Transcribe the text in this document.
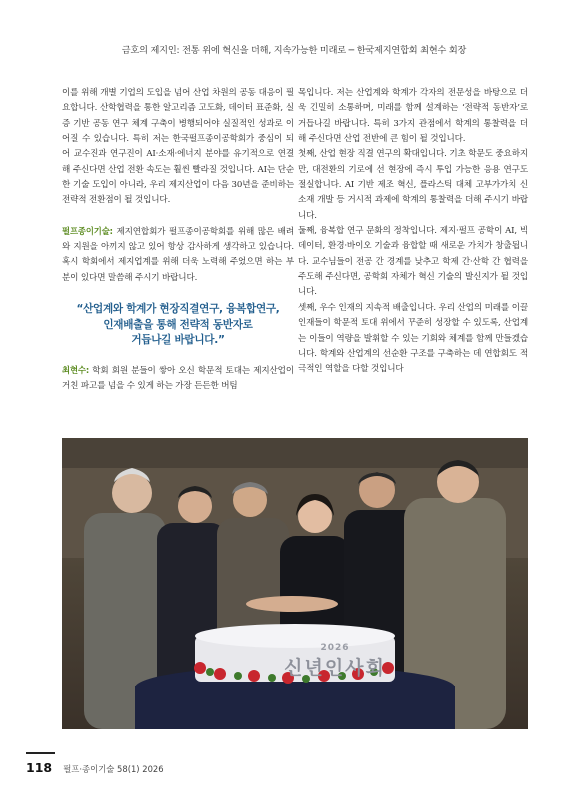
금호의 제지인: 전통 위에 혁신을 더해, 지속가능한 미래로 ─ 한국제지연합회 최현수 회장

이를 위해 개별 기업의 도입을 넘어 산업 차원의 공동 대응이 필요합니다. 산학협력을 통한 알고리즘 고도화, 데이터 표준화, 실증 기반 공동 연구 체계 구축이 병행되어야 실질적인 성과로 이어질 수 있습니다. 특히 저는 한국펄프종이공학회가 중심이 되어 교수진과 연구진이 AI·소재·에너지 분야를 유기적으로 연결해 주신다면 산업 전환 속도는 훨씬 빨라질 것입니다. AI는 단순한 기술 도입이 아니라, 우리 제지산업이 다음 30년을 준비하는 전략적 전환점이 될 것입니다.

펄프종이기술: 제지연합회가 펄프종이공학회를 위해 많은 배려와 지원을 아끼지 않고 있어 항상 감사하게 생각하고 있습니다. 혹시 학회에서 제지업계를 위해 더욱 노력해 주었으면 하는 부분이 있다면 말씀해 주시기 바랍니다.

“산업계와 학계가 현장직결연구, 융복합연구,
인재배출을 통해 전략적 동반자로
거듭나길 바랍니다.”

최현수: 학회 회원 분들이 쌓아 오신 학문적 토대는 제지산업이 거친 파고를 넘을 수 있게 하는 가장 든든한 버팀

목입니다. 저는 산업계와 학계가 각자의 전문성을 바탕으로 더욱 긴밀히 소통하며, 미래를 함께 설계하는 ‘전략적 동반자’로 거듭나길 바랍니다. 특히 3가지 관점에서 학계의 통찰력을 더 해 주신다면 산업 전반에 큰 힘이 될 것입니다.

첫째, 산업 현장 직결 연구의 확대입니다. 기초 학문도 중요하지만, 대전환의 기로에 선 현장에 즉시 투입 가능한 응용 연구도 절실합니다. AI 기반 제조 혁신, 플라스틱 대체 고부가가치 신소재 개발 등 거시적 과제에 학계의 통찰력을 더해 주시기 바랍니다.

둘째, 융복합 연구 문화의 정착입니다. 제지·펄프 공학이 AI, 빅데이터, 환경·바이오 기술과 융합할 때 새로운 가치가 창출됩니다. 교수님들이 전공 간 경계를 낮추고 학제 간·산학 간 협력을 주도해 주신다면, 공학회 자체가 혁신 기술의 발신지가 될 것입니다.

셋째, 우수 인재의 지속적 배출입니다. 우리 산업의 미래를 이끌 인재들이 학문적 토대 위에서 꾸준히 성장할 수 있도록, 산업계는 이들이 역량을 발휘할 수 있는 기회와 체계를 함께 만들겠습니다. 학계와 산업계의 선순환 구조를 구축하는 데 연합회도 적극적인 역할을 다할 것입니다

2026
신년인사회
118 펄프·종이기술 58(1) 2026
